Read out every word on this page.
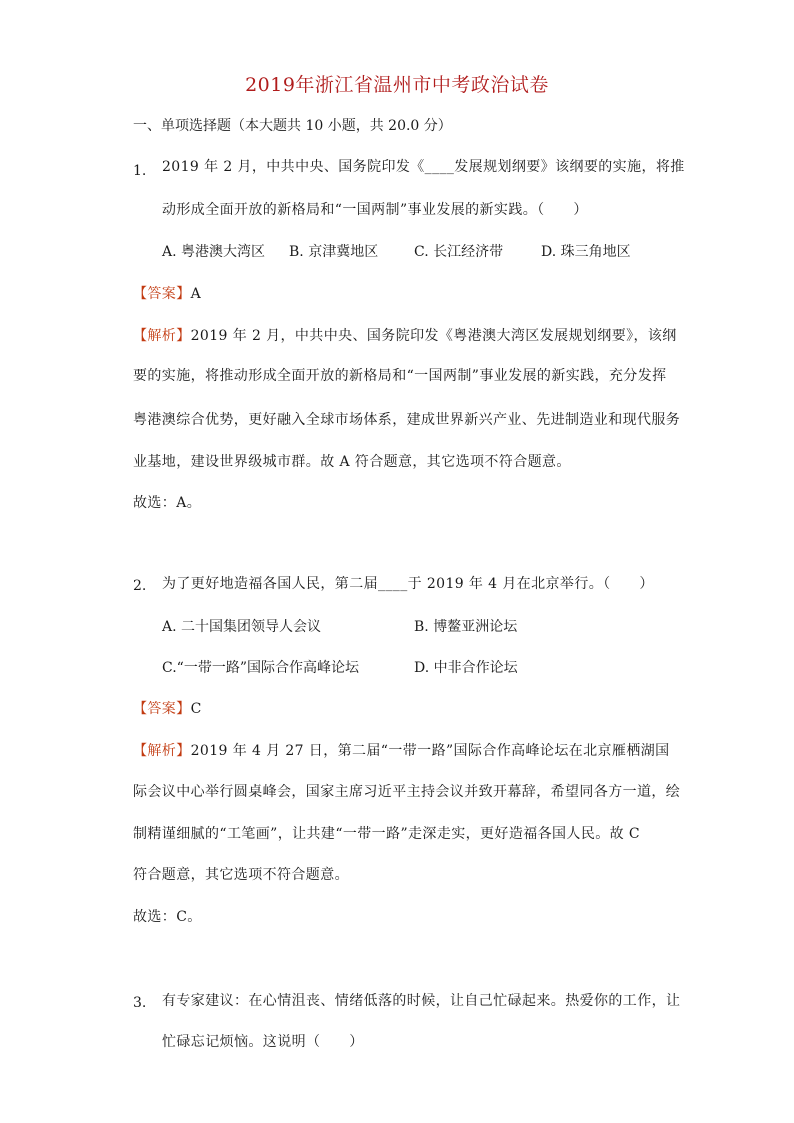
2019年浙江省温州市中考政治试卷
一、单项选择题（本大题共 10 小题，共 20.0 分）
1. 2019 年 2 月，中共中央、国务院印发《____发展规划纲要》该纲要的实施，将推
动形成全面开放的新格局和“一国两制”事业发展的新实践。（　　）
A. 粤港澳大湾区 B. 京津冀地区	C. 长江经济带	D. 珠三角地区
【答案】A
【解析】2019 年 2 月，中共中央、国务院印发《粤港澳大湾区发展规划纲要》，该纲
要的实施，将推动形成全面开放的新格局和“一国两制”事业发展的新实践，充分发挥
粤港澳综合优势，更好融入全球市场体系，建成世界新兴产业、先进制造业和现代服务
业基地，建设世界级城市群。故 A 符合题意，其它选项不符合题意。
故选：A。
2. 为了更好地造福各国人民，第二届____于 2019 年 4 月在北京举行。（　　）
A. 二十国集团领导人会议	B. 博鳌亚洲论坛
C.“一带一路”国际合作高峰论坛	D. 中非合作论坛
【答案】C
【解析】2019 年 4 月 27 日，第二届“一带一路”国际合作高峰论坛在北京雁栖湖国
际会议中心举行圆桌峰会，国家主席习近平主持会议并致开幕辞，希望同各方一道，绘
制精谨细腻的“工笔画”，让共建“一带一路”走深走实，更好造福各国人民。故 C
符合题意，其它选项不符合题意。
故选：C。
3. 有专家建议：在心情沮丧、情绪低落的时候，让自己忙碌起来。热爱你的工作，让
忙碌忘记烦恼。这说明（　　）
